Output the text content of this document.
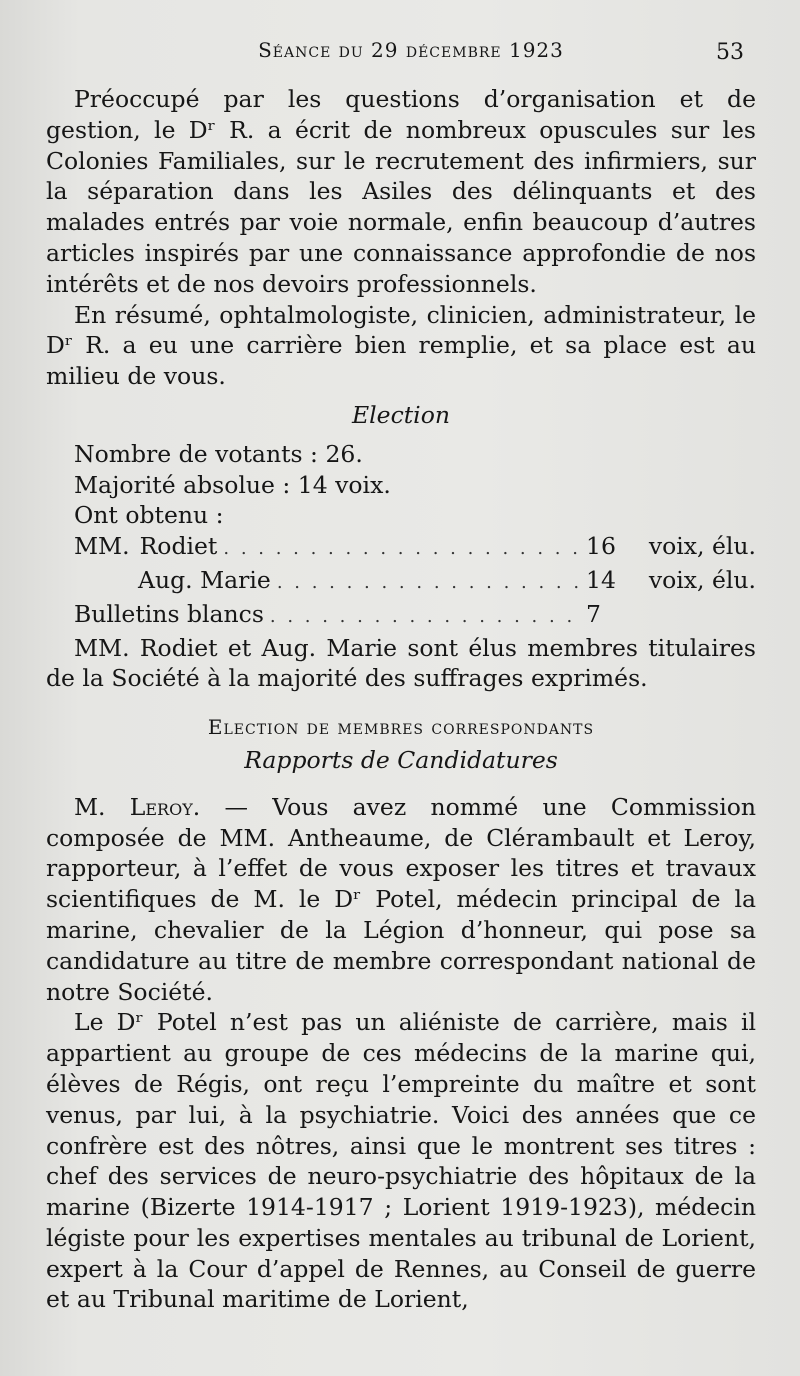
Séance du 29 décembre 1923	53

Préoccupé par les questions d’organisation et de gestion, le Dʳ R. a écrit de nombreux opuscules sur les Colonies Familiales, sur le recrutement des infirmiers, sur la séparation dans les Asiles des délinquants et des malades entrés par voie normale, enfin beaucoup d’autres articles inspirés par une connaissance approfondie de nos intérêts et de nos devoirs professionnels.

En résumé, ophtalmologiste, clinicien, administrateur, le Dʳ R. a eu une carrière bien remplie, et sa place est au milieu de vous.

Election

Nombre de votants : 26.

Majorité absolue : 14 voix.

Ont obtenu :

MM. Rodiet . . .	16	voix, élu.
Aug. Marie . . .	14	voix, élu.
Bulletins blancs . . .	7

MM. Rodiet et Aug. Marie sont élus membres titulaires de la Société à la majorité des suffrages exprimés.

Election de membres correspondants

Rapports de Candidatures

M. Leroy. — Vous avez nommé une Commission composée de MM. Antheaume, de Clérambault et Leroy, rapporteur, à l’effet de vous exposer les titres et travaux scientifiques de M. le Dʳ Potel, médecin principal de la marine, chevalier de la Légion d’honneur, qui pose sa candidature au titre de membre correspondant national de notre Société.

Le Dʳ Potel n’est pas un aliéniste de carrière, mais il appartient au groupe de ces médecins de la marine qui, élèves de Régis, ont reçu l’empreinte du maître et sont venus, par lui, à la psychiatrie. Voici des années que ce confrère est des nôtres, ainsi que le montrent ses titres : chef des services de neuro-psychiatrie des hôpitaux de la marine (Bizerte 1914-1917 ; Lorient 1919-1923), médecin légiste pour les expertises mentales au tribunal de Lorient, expert à la Cour d’appel de Rennes, au Conseil de guerre et au Tribunal maritime de Lorient,
